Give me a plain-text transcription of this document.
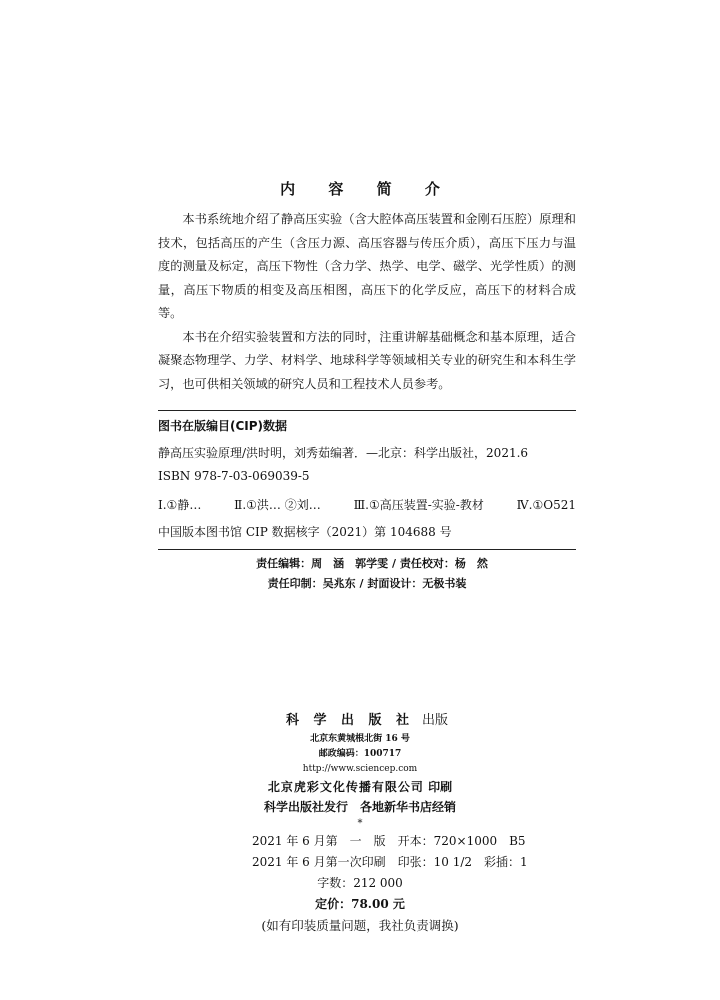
内 容 简 介

本书系统地介绍了静高压实验（含大腔体高压装置和金刚石压腔）原理和技术，包括高压的产生（含压力源、高压容器与传压介质），高压下压力与温度的测量及标定，高压下物性（含力学、热学、电学、磁学、光学性质）的测量，高压下物质的相变及高压相图，高压下的化学反应，高压下的材料合成等。

本书在介绍实验装置和方法的同时，注重讲解基础概念和基本原理，适合凝聚态物理学、力学、材料学、地球科学等领域相关专业的研究生和本科生学习，也可供相关领域的研究人员和工程技术人员参考。

图书在版编目(CIP)数据
静高压实验原理/洪时明，刘秀茹编著．—北京：科学出版社，2021.6
ISBN 978-7-03-069039-5
Ⅰ.①静…	Ⅱ.①洪… ②刘…	Ⅲ.①高压装置-实验-教材	Ⅳ.①O521
中国版本图书馆 CIP 数据核字（2021）第 104688 号
责任编辑：周　涵　郭学雯 / 责任校对：杨　然
责任印制：吴兆东 / 封面设计：无极书装
科 学 出 版 社 出版
北京东黄城根北街 16 号
邮政编码：100717
http://www.sciencep.com
北京虎彩文化传播有限公司 印刷
科学出版社发行　各地新华书店经销
*
2021 年 6 月第　一　版　开本：720×1000　B5
2021 年 6 月第一次印刷　印张：10 1/2　彩插：1
字数：212 000
定价：78.00 元
(如有印装质量问题，我社负责调换)
